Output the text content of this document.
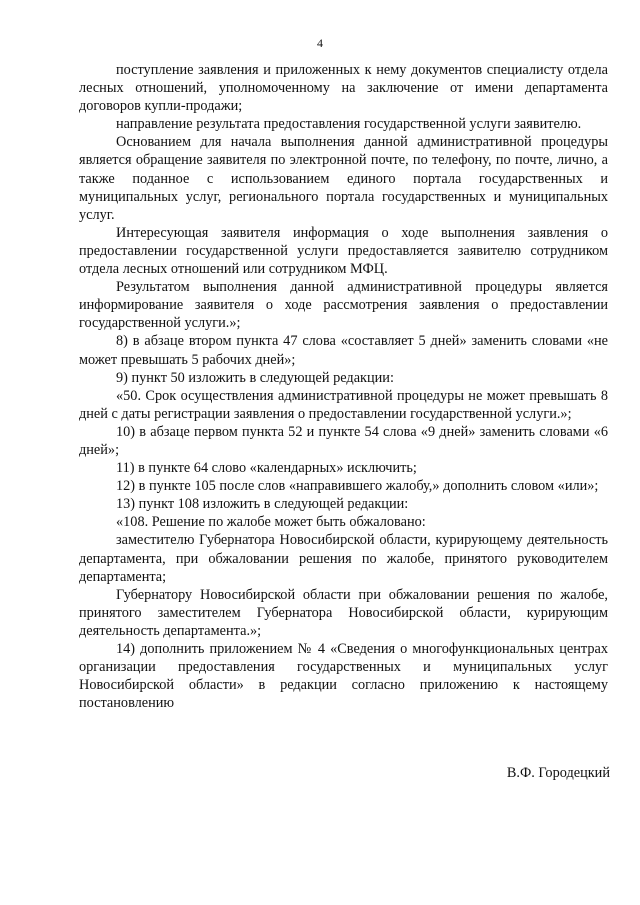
4

поступление заявления и приложенных к нему документов специалисту отдела лесных отношений, уполномоченному на заключение от имени департамента договоров купли-продажи;

направление результата предоставления государственной услуги заявителю.

Основанием для начала выполнения данной административной процедуры является обращение заявителя по электронной почте, по телефону, по почте, лично, а также поданное с использованием единого портала государственных и муниципальных услуг, регионального портала государственных и муниципальных услуг.

Интересующая заявителя информация о ходе выполнения заявления о предоставлении государственной услуги предоставляется заявителю сотрудником отдела лесных отношений или сотрудником МФЦ.

Результатом выполнения данной административной процедуры является информирование заявителя о ходе рассмотрения заявления о предоставлении государственной услуги.»;

8) в абзаце втором пункта 47 слова «составляет 5 дней» заменить словами «не может превышать 5 рабочих дней»;

9) пункт 50 изложить в следующей редакции:

«50. Срок осуществления административной процедуры не может превышать 8 дней с даты регистрации заявления о предоставлении государственной услуги.»;

10) в абзаце первом пункта 52 и пункте 54 слова «9 дней» заменить словами «6 дней»;

11) в пункте 64 слово «календарных» исключить;

12) в пункте 105 после слов «направившего жалобу,» дополнить словом «или»;

13) пункт 108 изложить в следующей редакции:

«108. Решение по жалобе может быть обжаловано:

заместителю Губернатора Новосибирской области, курирующему деятельность департамента, при обжаловании решения по жалобе, принятого руководителем департамента;

Губернатору Новосибирской области при обжаловании решения по жалобе, принятого заместителем Губернатора Новосибирской области, курирующим деятельность департамента.»;

14) дополнить приложением № 4 «Сведения о многофункциональных центрах организации предоставления государственных и муниципальных услуг Новосибирской области» в редакции согласно приложению к настоящему постановлению

В.Ф. Городецкий
